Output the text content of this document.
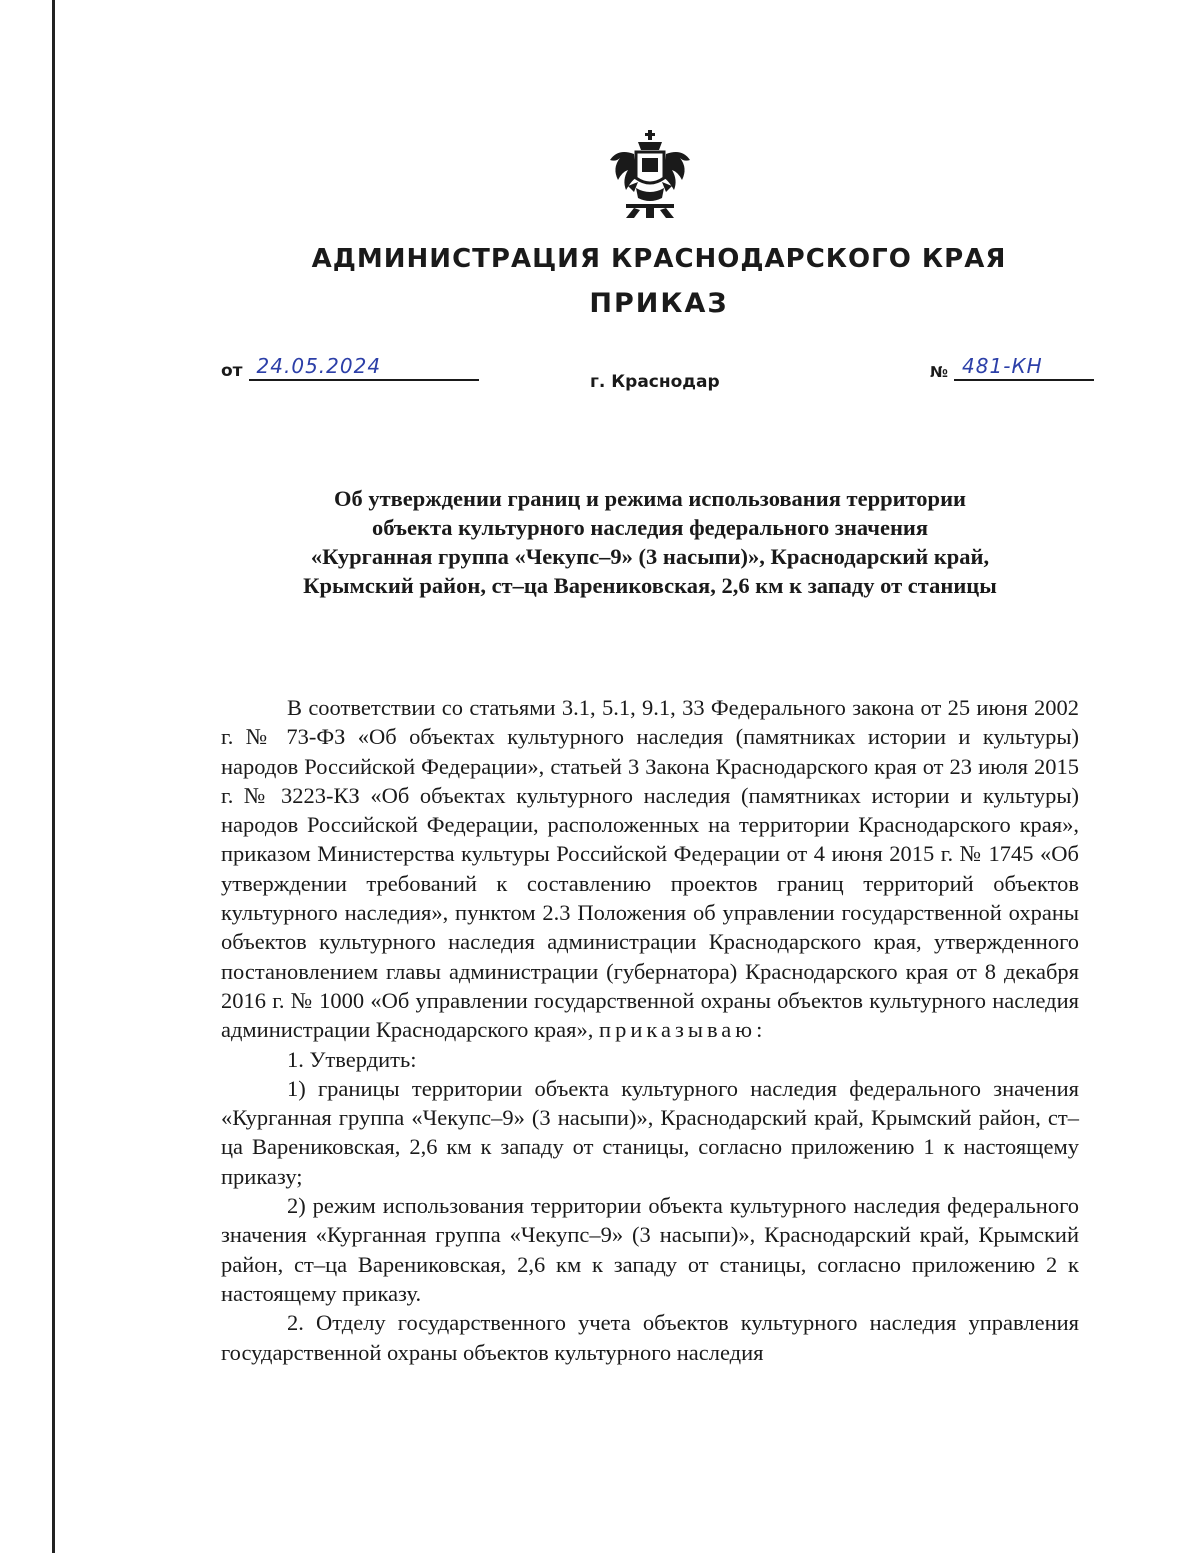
АДМИНИСТРАЦИЯ КРАСНОДАРСКОГО КРАЯ
ПРИКАЗ
от 24.05.2024	№ 481-КН
г. Краснодар
Об утверждении границ и режима использования территории
объекта культурного наследия федерального значения
«Курганная группа «Чекупс–9» (3 насыпи)», Краснодарский край,
Крымский район, ст–ца Варениковская, 2,6 км к западу от станицы

В соответствии со статьями 3.1, 5.1, 9.1, 33 Федерального закона от 25 июня 2002 г. № 73-ФЗ «Об объектах культурного наследия (памятниках истории и культуры) народов Российской Федерации», статьей 3 Закона Краснодарского края от 23 июля 2015 г. № 3223-КЗ «Об объектах культурного наследия (памятниках истории и культуры) народов Российской Федерации, расположенных на территории Краснодарского края», приказом Министерства культуры Российской Федерации от 4 июня 2015 г. № 1745 «Об утверждении требований к составлению проектов границ территорий объектов культурного наследия», пунктом 2.3 Положения об управлении государственной охраны объектов культурного наследия администрации Краснодарского края, утвержденного постановлением главы администрации (губернатора) Краснодарского края от 8 декабря 2016 г. № 1000 «Об управлении государственной охраны объектов культурного наследия администрации Краснодарского края», приказываю:

1. Утвердить:

1) границы территории объекта культурного наследия федерального значения «Курганная группа «Чекупс–9» (3 насыпи)», Краснодарский край, Крымский район, ст–ца Варениковская, 2,6 км к западу от станицы, согласно приложению 1 к настоящему приказу;

2) режим использования территории объекта культурного наследия федерального значения «Курганная группа «Чекупс–9» (3 насыпи)», Краснодарский край, Крымский район, ст–ца Варениковская, 2,6 км к западу от станицы, согласно приложению 2 к настоящему приказу.

2. Отделу государственного учета объектов культурного наследия управления государственной охраны объектов культурного наследия
